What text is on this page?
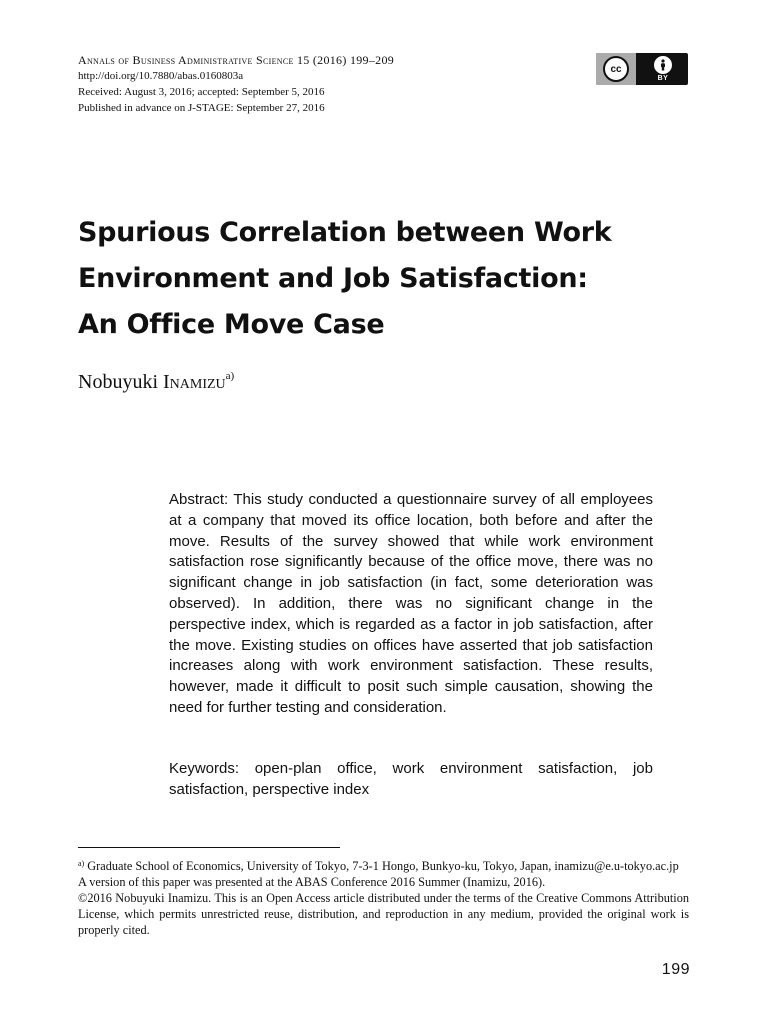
Annals of Business Administrative Science 15 (2016) 199–209
http://doi.org/10.7880/abas.0160803a
Received: August 3, 2016; accepted: September 5, 2016
Published in advance on J-STAGE: September 27, 2016
cc
BY
Spurious Correlation between Work
Environment and Job Satisfaction:
An Office Move Case
Nobuyuki Inamizu$^{a)}$
Abstract: This study conducted a questionnaire survey of all employees at a company that moved its office location, both before and after the move. Results of the survey showed that while work environment satisfaction rose significantly because of the office move, there was no significant change in job satisfaction (in fact, some deterioration was observed). In addition, there was no significant change in the perspective index, which is regarded as a factor in job satisfaction, after the move. Existing studies on offices have asserted that job satisfaction increases along with work environment satisfaction. These results, however, made it difficult to posit such simple causation, showing the need for further testing and consideration.
Keywords: open-plan office, work environment satisfaction, job satisfaction, perspective index

$^{a)}$ Graduate School of Economics, University of Tokyo, 7-3-1 Hongo, Bunkyo-ku, Tokyo, Japan, inamizu@e.u-tokyo.ac.jp

A version of this paper was presented at the ABAS Conference 2016 Summer (Inamizu, 2016).

©2016 Nobuyuki Inamizu. This is an Open Access article distributed under the terms of the Creative Commons Attribution License, which permits unrestricted reuse, distribution, and reproduction in any medium, provided the original work is properly cited.

199
